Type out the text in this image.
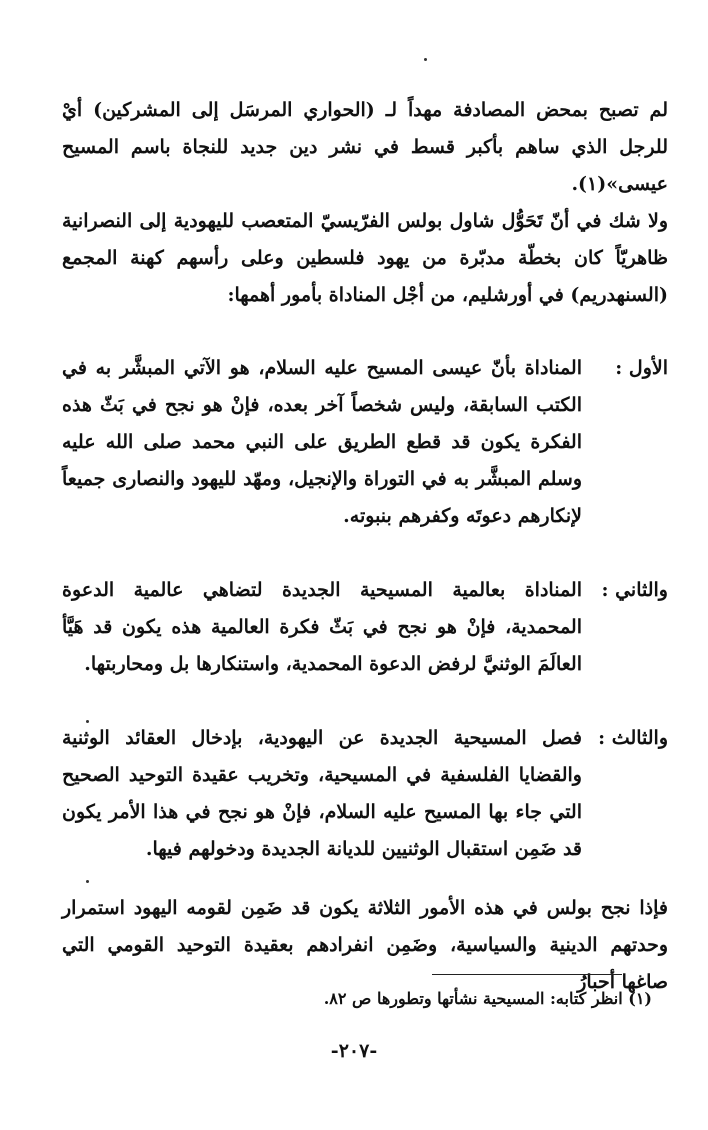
لم تصبح بمحض المصادفة مهداً لـ (الحواري المرسَل إلى المشركين) أيْ للرجل الذي ساهم بأكبر قسط في نشر دين جديد للنجاة باسم المسيح عيسى»(١).

ولا شك في أنّ تَحَوُّل شاول بولس الفرّيسيّ المتعصب لليهودية إلى النصرانية ظاهريّاً كان بخطّة مدبّرة من يهود فلسطين وعلى رأسهم كهنة المجمع (السنهدريم) في أورشليم، من أجْل المناداة بأمور أهمها:

الأول :
المناداة بأنّ عيسى المسيح عليه السلام، هو الآتي المبشَّر به في الكتب السابقة، وليس شخصاً آخر بعده، فإنْ هو نجح في بَثّ هذه الفكرة يكون قد قطع الطريق على النبي محمد صلى الله عليه وسلم المبشَّر به في التوراة والإنجيل، ومهّد لليهود والنصارى جميعاً لإنكارهم دعوتَه وكفرهم بنبوته.
والثاني :
المناداة بعالمية المسيحية الجديدة لتضاهي عالمية الدعوة المحمدية، فإنْ هو نجح في بَثّ فكرة العالمية هذه يكون قد هَيَّأ العالَمَ الوثنيَّ لرفض الدعوة المحمدية، واستنكارها بل ومحاربتها.
والثالث :
فصل المسيحية الجديدة عن اليهودية، بإدخال العقائد الوثنية والقضايا الفلسفية في المسيحية، وتخريب عقيدة التوحيد الصحيح التي جاء بها المسيح عليه السلام، فإنْ هو نجح في هذا الأمر يكون قد ضَمِن استقبال الوثنيين للديانة الجديدة ودخولهم فيها.

فإذا نجح بولس في هذه الأمور الثلاثة يكون قد ضَمِن لقومه اليهود استمرار وحدتهم الدينية والسياسية، وضَمِن انفرادهم بعقيدة التوحيد القومي التي صاغها أحبارُ

(١) انظر كتابه: المسيحية نشأتها وتطورها ص ٨٢.

-٢٠٧-
